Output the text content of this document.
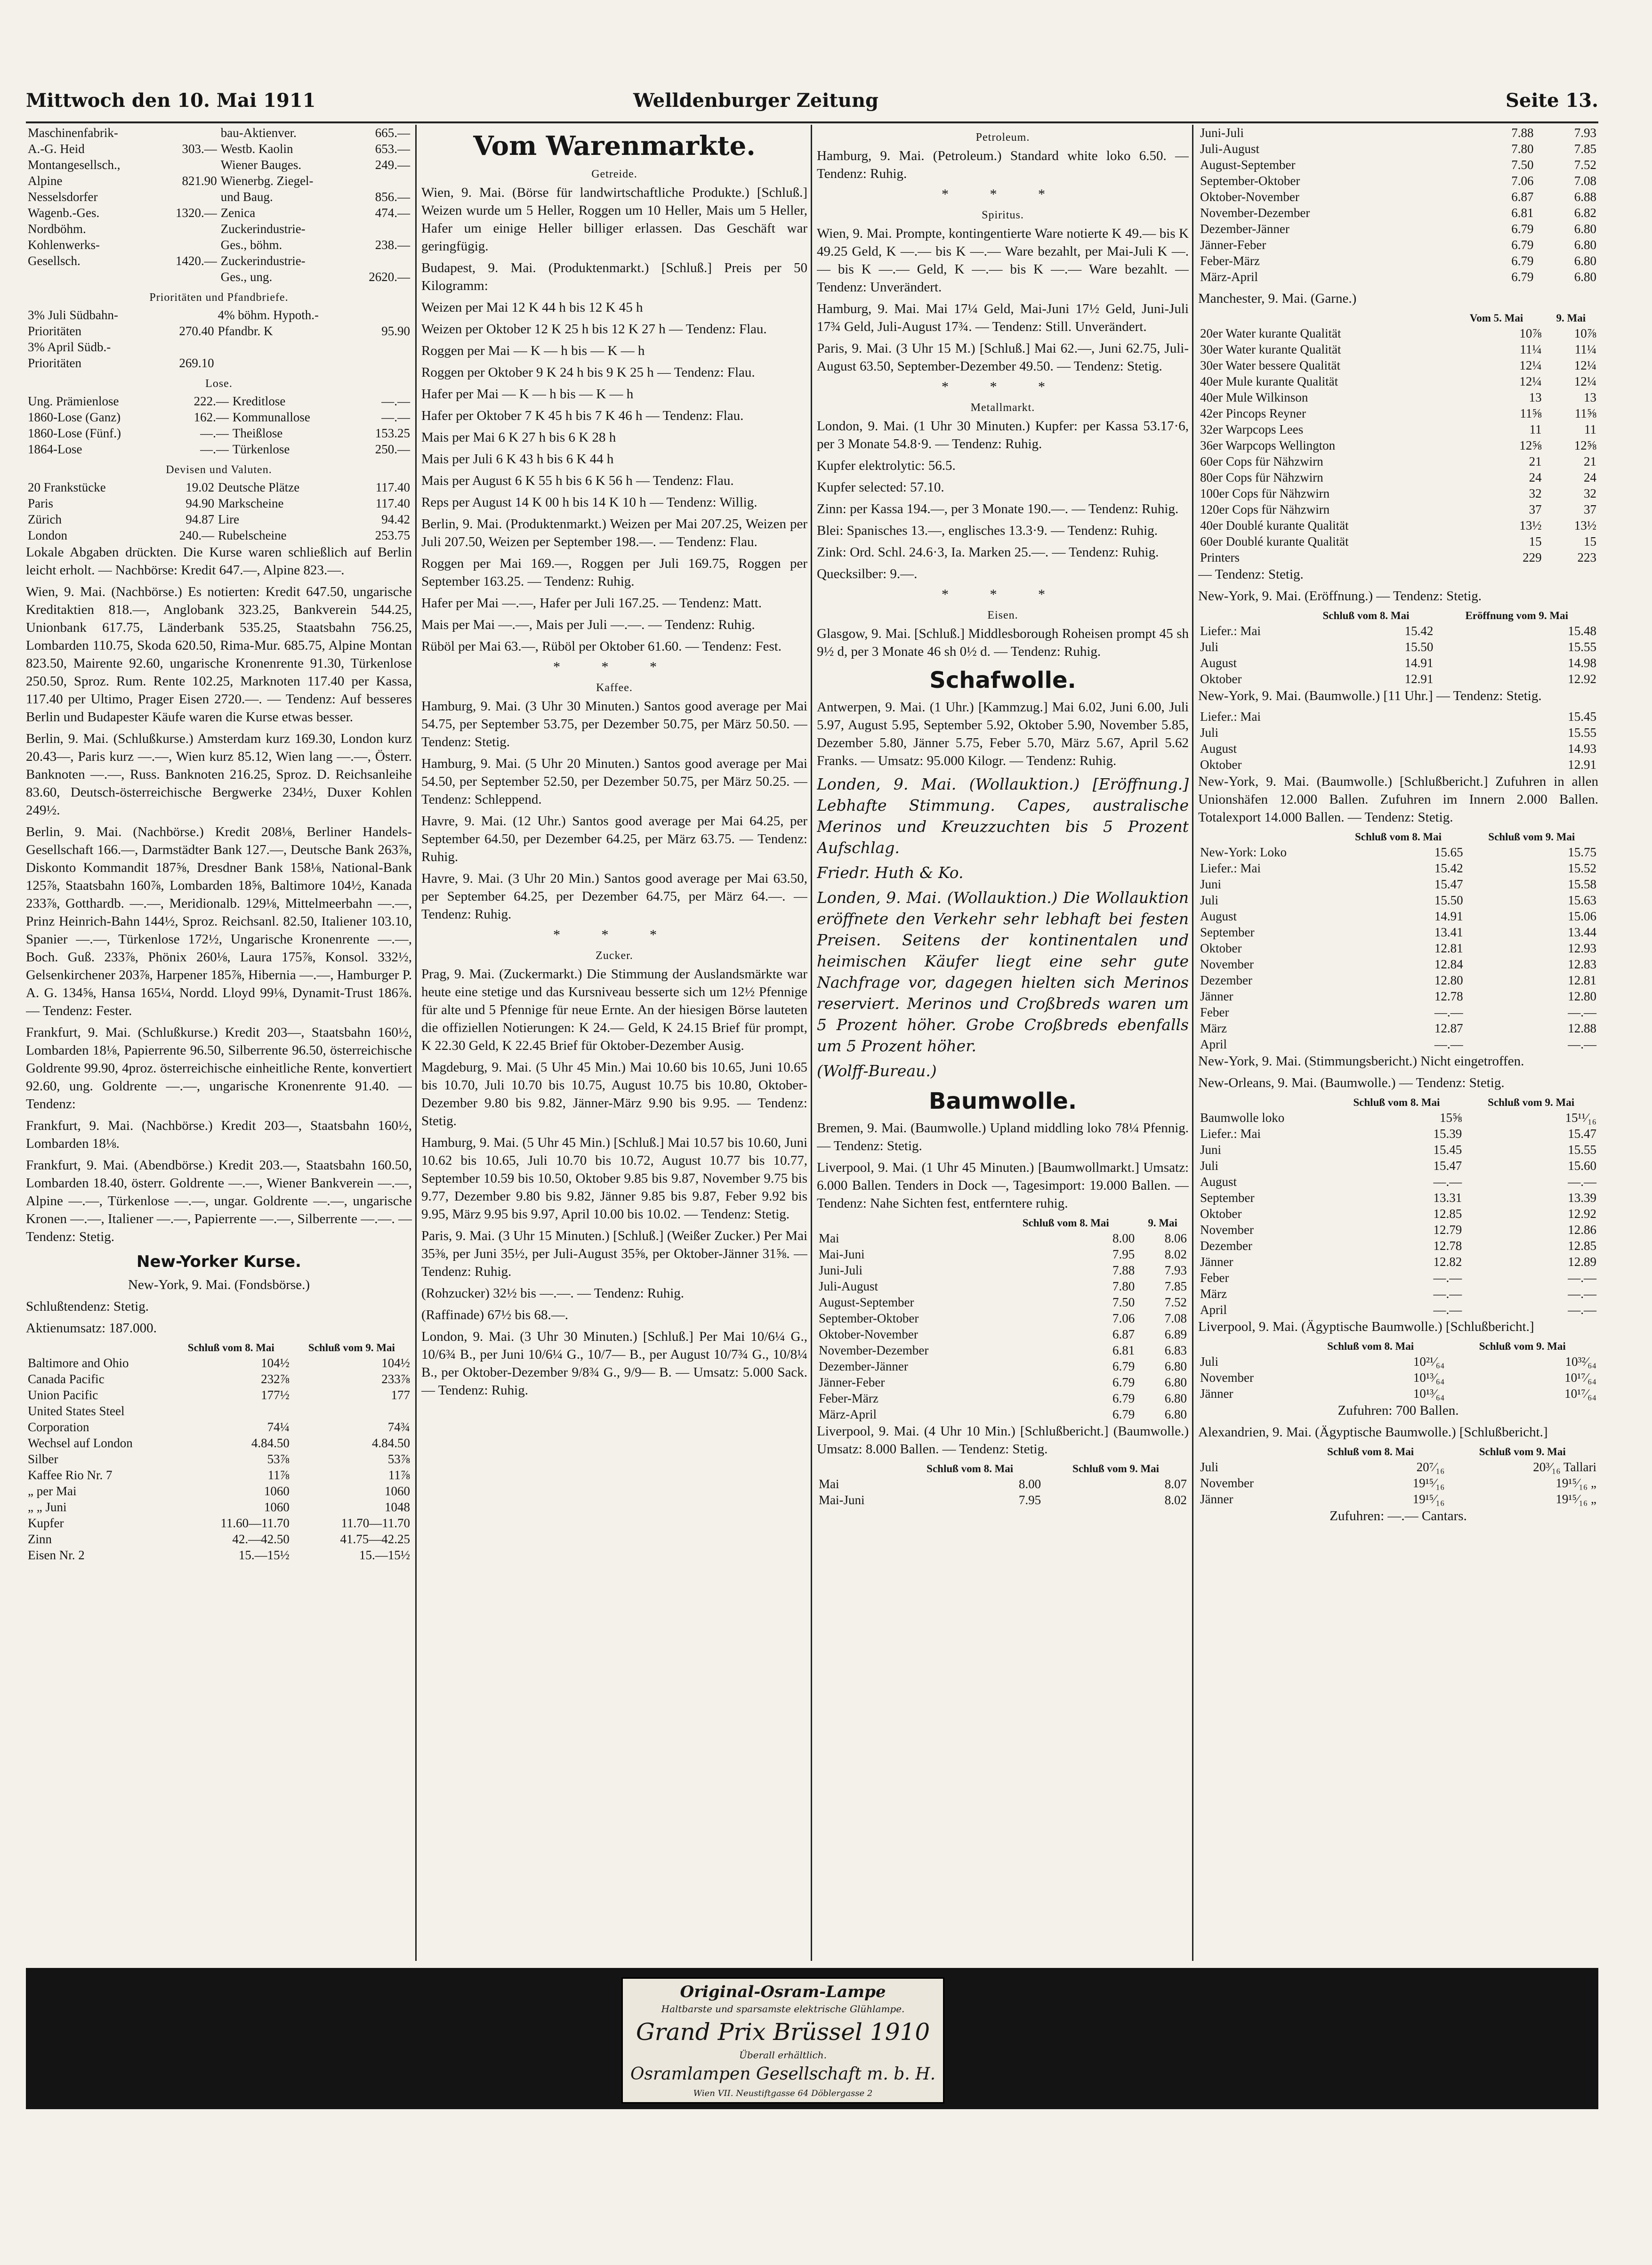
Mittwoch den 10. Mai 1911	Welldenburger Zeitung	Seite 13.
Maschinenfabrik-		bau-Aktienver.	665.—
A.-G. Heid	303.—	Westb. Kaolin	653.—
Montangesellsch.,		Wiener Bauges.	249.—
Alpine	821.90	Wienerbg. Ziegel-	
Nesselsdorfer		und Baug.	856.—
Wagenb.-Ges.	1320.—	Zenica	474.—
Nordböhm.		Zuckerindustrie-	
Kohlenwerks-		Ges., böhm.	238.—
Gesellsch.	1420.—	Zuckerindustrie-	
		Ges., ung.	2620.—
Prioritäten und Pfandbriefe.
3% Juli Südbahn-		4% böhm. Hypoth.-	
Prioritäten	270.40	Pfandbr. K	95.90
3% April Südb.-			
Prioritäten	269.10		
Lose.
Ung. Prämienlose	222.—	Kreditlose	—.—
1860-Lose (Ganz)	162.—	Kommunallose	—.—
1860-Lose (Fünf.)	—.—	Theißlose	153.25
1864-Lose	—.—	Türkenlose	250.—
Devisen und Valuten.
20 Frankstücke	19.02	Deutsche Plätze	117.40
Paris	94.90	Markscheine	117.40
Zürich	94.87	Lire	94.42
London	240.—	Rubelscheine	253.75
Lokale Abgaben drückten. Die Kurse waren schließlich auf Berlin leicht erholt. — Nachbörse: Kredit 647.—, Alpine 823.—.
Wien, 9. Mai. (Nachbörse.) Es notierten: Kredit 647.50, ungarische Kreditaktien 818.—, Anglobank 323.25, Bankverein 544.25, Unionbank 617.75, Länderbank 535.25, Staatsbahn 756.25, Lombarden 110.75, Skoda 620.50, Rima-Mur. 685.75, Alpine Montan 823.50, Mairente 92.60, ungarische Kronenrente 91.30, Türkenlose 250.50, Sproz. Rum. Rente 102.25, Marknoten 117.40 per Kassa, 117.40 per Ultimo, Prager Eisen 2720.—. — Tendenz: Auf besseres Berlin und Budapester Käufe waren die Kurse etwas besser.
Berlin, 9. Mai. (Schlußkurse.) Amsterdam kurz 169.30, London kurz 20.43—, Paris kurz —.—, Wien kurz 85.12, Wien lang —.—, Österr. Banknoten —.—, Russ. Banknoten 216.25, Sproz. D. Reichsanleihe 83.60, Deutsch-österreichische Bergwerke 234½, Duxer Kohlen 249½.
Berlin, 9. Mai. (Nachbörse.) Kredit 208⅛, Berliner Handels-Gesellschaft 166.—, Darmstädter Bank 127.—, Deutsche Bank 263⅞, Diskonto Kommandit 187⅝, Dresdner Bank 158⅛, National-Bank 125⅞, Staatsbahn 160⅞, Lombarden 18⅝, Baltimore 104½, Kanada 233⅞, Gotthardb. —.—, Meridionalb. 129⅛, Mittelmeerbahn —.—, Prinz Heinrich-Bahn 144½, Sproz. Reichsanl. 82.50, Italiener 103.10, Spanier —.—, Türkenlose 172½, Ungarische Kronenrente —.—, Boch. Guß. 233⅞, Phönix 260⅛, Laura 175⅞, Konsol. 332½, Gelsenkirchener 203⅞, Harpener 185⅞, Hibernia —.—, Hamburger P. A. G. 134⅝, Hansa 165¼, Nordd. Lloyd 99⅛, Dynamit-Trust 186⅞. — Tendenz: Fester.
Frankfurt, 9. Mai. (Schlußkurse.) Kredit 203—, Staatsbahn 160½, Lombarden 18⅛, Papierrente 96.50, Silberrente 96.50, österreichische Goldrente 99.90, 4proz. österreichische einheitliche Rente, konvertiert 92.60, ung. Goldrente —.—, ungarische Kronenrente 91.40. — Tendenz:
Frankfurt, 9. Mai. (Nachbörse.) Kredit 203—, Staatsbahn 160½, Lombarden 18⅛.
Frankfurt, 9. Mai. (Abendbörse.) Kredit 203.—, Staatsbahn 160.50, Lombarden 18.40, österr. Goldrente —.—, Wiener Bankverein —.—, Alpine —.—, Türkenlose —.—, ungar. Goldrente —.—, ungarische Kronen —.—, Italiener —.—, Papierrente —.—, Silberrente —.—. — Tendenz: Stetig.
New-Yorker Kurse.
New-York, 9. Mai. (Fondsbörse.)
Schlußtendenz: Stetig.
Aktienumsatz: 187.000.
	Schluß vom 8. Mai	Schluß vom 9. Mai
Baltimore and Ohio	104½	104½
Canada Pacific	232⅞	233⅞
Union Pacific	177½	177
United States Steel		
Corporation	74¼	74¾
Wechsel auf London	4.84.50	4.84.50
Silber	53⅞	53⅞
Kaffee Rio Nr. 7	11⅞	11⅞
„ per Mai	1060	1060
„ „ Juni	1060	1048
Kupfer	11.60—11.70	11.70—11.70
Zinn	42.—42.50	41.75—42.25
Eisen Nr. 2	15.—15½	15.—15½
Vom Warenmarkte.
Getreide.
Wien, 9. Mai. (Börse für landwirtschaftliche Produkte.) [Schluß.] Weizen wurde um 5 Heller, Roggen um 10 Heller, Mais um 5 Heller, Hafer um einige Heller billiger erlassen. Das Geschäft war geringfügig.
Budapest, 9. Mai. (Produktenmarkt.) [Schluß.] Preis per 50 Kilogramm:
Weizen per Mai 12 K 44 h bis 12 K 45 h
Weizen per Oktober 12 K 25 h bis 12 K 27 h — Tendenz: Flau.
Roggen per Mai — K — h bis — K — h
Roggen per Oktober 9 K 24 h bis 9 K 25 h — Tendenz: Flau.
Hafer per Mai — K — h bis — K — h
Hafer per Oktober 7 K 45 h bis 7 K 46 h — Tendenz: Flau.
Mais per Mai 6 K 27 h bis 6 K 28 h
Mais per Juli 6 K 43 h bis 6 K 44 h
Mais per August 6 K 55 h bis 6 K 56 h — Tendenz: Flau.
Reps per August 14 K 00 h bis 14 K 10 h — Tendenz: Willig.
Berlin, 9. Mai. (Produktenmarkt.) Weizen per Mai 207.25, Weizen per Juli 207.50, Weizen per September 198.—. — Tendenz: Flau.
Roggen per Mai 169.—, Roggen per Juli 169.75, Roggen per September 163.25. — Tendenz: Ruhig.
Hafer per Mai —.—, Hafer per Juli 167.25. — Tendenz: Matt.
Mais per Mai —.—, Mais per Juli —.—. — Tendenz: Ruhig.
Rüböl per Mai 63.—, Rüböl per Oktober 61.60. — Tendenz: Fest.
* * *
Kaffee.
Hamburg, 9. Mai. (3 Uhr 30 Minuten.) Santos good average per Mai 54.75, per September 53.75, per Dezember 50.75, per März 50.50. — Tendenz: Stetig.
Hamburg, 9. Mai. (5 Uhr 20 Minuten.) Santos good average per Mai 54.50, per September 52.50, per Dezember 50.75, per März 50.25. — Tendenz: Schleppend.
Havre, 9. Mai. (12 Uhr.) Santos good average per Mai 64.25, per September 64.50, per Dezember 64.25, per März 63.75. — Tendenz: Ruhig.
Havre, 9. Mai. (3 Uhr 20 Min.) Santos good average per Mai 63.50, per September 64.25, per Dezember 64.75, per März 64.—. — Tendenz: Ruhig.
* * *
Zucker.
Prag, 9. Mai. (Zuckermarkt.) Die Stimmung der Auslandsmärkte war heute eine stetige und das Kursniveau besserte sich um 12½ Pfennige für alte und 5 Pfennige für neue Ernte. An der hiesigen Börse lauteten die offiziellen Notierungen: K 24.— Geld, K 24.15 Brief für prompt, K 22.30 Geld, K 22.45 Brief für Oktober-Dezember Ausig.
Magdeburg, 9. Mai. (5 Uhr 45 Min.) Mai 10.60 bis 10.65, Juni 10.65 bis 10.70, Juli 10.70 bis 10.75, August 10.75 bis 10.80, Oktober-Dezember 9.80 bis 9.82, Jänner-März 9.90 bis 9.95. — Tendenz: Stetig.
Hamburg, 9. Mai. (5 Uhr 45 Min.) [Schluß.] Mai 10.57 bis 10.60, Juni 10.62 bis 10.65, Juli 10.70 bis 10.72, August 10.77 bis 10.77, September 10.59 bis 10.50, Oktober 9.85 bis 9.87, November 9.75 bis 9.77, Dezember 9.80 bis 9.82, Jänner 9.85 bis 9.87, Feber 9.92 bis 9.95, März 9.95 bis 9.97, April 10.00 bis 10.02. — Tendenz: Stetig.
Paris, 9. Mai. (3 Uhr 15 Minuten.) [Schluß.] (Weißer Zucker.) Per Mai 35⅜, per Juni 35½, per Juli-August 35⅝, per Oktober-Jänner 31⅝. — Tendenz: Ruhig.
(Rohzucker) 32½ bis —.—. — Tendenz: Ruhig.
(Raffinade) 67½ bis 68.—.
London, 9. Mai. (3 Uhr 30 Minuten.) [Schluß.] Per Mai 10/6¼ G., 10/6¾ B., per Juni 10/6¼ G., 10/7— B., per August 10/7¾ G., 10/8¼ B., per Oktober-Dezember 9/8¾ G., 9/9— B. — Umsatz: 5.000 Sack. — Tendenz: Ruhig.
Petroleum.
Hamburg, 9. Mai. (Petroleum.) Standard white loko 6.50. — Tendenz: Ruhig.
* * *
Spiritus.
Wien, 9. Mai. Prompte, kontingentierte Ware notierte K 49.— bis K 49.25 Geld, K —.— bis K —.— Ware bezahlt, per Mai-Juli K —.— bis K —.— Geld, K —.— bis K —.— Ware bezahlt. — Tendenz: Unverändert.
Hamburg, 9. Mai. Mai 17¼ Geld, Mai-Juni 17½ Geld, Juni-Juli 17¾ Geld, Juli-August 17¾. — Tendenz: Still. Unverändert.
Paris, 9. Mai. (3 Uhr 15 M.) [Schluß.] Mai 62.—, Juni 62.75, Juli-August 63.50, September-Dezember 49.50. — Tendenz: Stetig.
* * *
Metallmarkt.
London, 9. Mai. (1 Uhr 30 Minuten.) Kupfer: per Kassa 53.17·6, per 3 Monate 54.8·9. — Tendenz: Ruhig.
Kupfer elektrolytic: 56.5.
Kupfer selected: 57.10.
Zinn: per Kassa 194.—, per 3 Monate 190.—. — Tendenz: Ruhig.
Blei: Spanisches 13.—, englisches 13.3·9. — Tendenz: Ruhig.
Zink: Ord. Schl. 24.6·3, Ia. Marken 25.—. — Tendenz: Ruhig.
Quecksilber: 9.—.
* * *
Eisen.
Glasgow, 9. Mai. [Schluß.] Middlesborough Roheisen prompt 45 sh 9½ d, per 3 Monate 46 sh 0½ d. — Tendenz: Ruhig.
Schafwolle.
Antwerpen, 9. Mai. (1 Uhr.) [Kammzug.] Mai 6.02, Juni 6.00, Juli 5.97, August 5.95, September 5.92, Oktober 5.90, November 5.85, Dezember 5.80, Jänner 5.75, Feber 5.70, März 5.67, April 5.62 Franks. — Umsatz: 95.000 Kilogr. — Tendenz: Ruhig.
Londen, 9. Mai. (Wollauktion.) [Eröffnung.] Lebhafte Stimmung. Capes, australische Merinos und Kreuzzuchten bis 5 Prozent Aufschlag.
Friedr. Huth & Ko.
Londen, 9. Mai. (Wollauktion.) Die Wollauktion eröffnete den Verkehr sehr lebhaft bei festen Preisen. Seitens der kontinentalen und heimischen Käufer liegt eine sehr gute Nachfrage vor, dagegen hielten sich Merinos reserviert. Merinos und Croßbreds waren um 5 Prozent höher. Grobe Croßbreds ebenfalls um 5 Prozent höher.
(Wolff-Bureau.)
Baumwolle.
Bremen, 9. Mai. (Baumwolle.) Upland middling loko 78¼ Pfennig. — Tendenz: Stetig.
Liverpool, 9. Mai. (1 Uhr 45 Minuten.) [Baumwollmarkt.] Umsatz: 6.000 Ballen. Tenders in Dock —, Tagesimport: 19.000 Ballen. — Tendenz: Nahe Sichten fest, entferntere ruhig.
	Schluß vom 8. Mai	9. Mai
Mai	8.00	8.06
Mai-Juni	7.95	8.02
Juni-Juli	7.88	7.93
Juli-August	7.80	7.85
August-September	7.50	7.52
September-Oktober	7.06	7.08
Oktober-November	6.87	6.89
November-Dezember	6.81	6.83
Dezember-Jänner	6.79	6.80
Jänner-Feber	6.79	6.80
Feber-März	6.79	6.80
März-April	6.79	6.80
Liverpool, 9. Mai. (4 Uhr 10 Min.) [Schlußbericht.] (Baumwolle.) Umsatz: 8.000 Ballen. — Tendenz: Stetig.
	Schluß vom 8. Mai	Schluß vom 9. Mai
Mai	8.00	8.07
Mai-Juni	7.95	8.02
Juni-Juli	7.88	7.93
Juli-August	7.80	7.85
August-September	7.50	7.52
September-Oktober	7.06	7.08
Oktober-November	6.87	6.88
November-Dezember	6.81	6.82
Dezember-Jänner	6.79	6.80
Jänner-Feber	6.79	6.80
Feber-März	6.79	6.80
März-April	6.79	6.80
Manchester, 9. Mai. (Garne.)
	Vom 5. Mai	9. Mai
20er Water kurante Qualität	10⅞	10⅞
30er Water kurante Qualität	11¼	11¼
30er Water bessere Qualität	12¼	12¼
40er Mule kurante Qualität	12¼	12¼
40er Mule Wilkinson	13	13
42er Pincops Reyner	11⅝	11⅝
32er Warpcops Lees	11	11
36er Warpcops Wellington	12⅝	12⅝
60er Cops für Nähzwirn	21	21
80er Cops für Nähzwirn	24	24
100er Cops für Nähzwirn	32	32
120er Cops für Nähzwirn	37	37
40er Doublé kurante Qualität	13½	13½
60er Doublé kurante Qualität	15	15
Printers	229	223
— Tendenz: Stetig.
New-York, 9. Mai. (Eröffnung.) — Tendenz: Stetig.
	Schluß vom 8. Mai	Eröffnung vom 9. Mai
Liefer.: Mai	15.42	15.48
Juli	15.50	15.55
August	14.91	14.98
Oktober	12.91	12.92
New-York, 9. Mai. (Baumwolle.) [11 Uhr.] — Tendenz: Stetig.
Liefer.: Mai		15.45
Juli		15.55
August		14.93
Oktober		12.91
New-York, 9. Mai. (Baumwolle.) [Schlußbericht.] Zufuhren in allen Unionshäfen 12.000 Ballen. Zufuhren im Innern 2.000 Ballen. Totalexport 14.000 Ballen. — Tendenz: Stetig.
	Schluß vom 8. Mai	Schluß vom 9. Mai
New-York: Loko	15.65	15.75
Liefer.: Mai	15.42	15.52
Juni	15.47	15.58
Juli	15.50	15.63
August	14.91	15.06
September	13.41	13.44
Oktober	12.81	12.93
November	12.84	12.83
Dezember	12.80	12.81
Jänner	12.78	12.80
Feber	—.—	—.—
März	12.87	12.88
April	—.—	—.—
New-York, 9. Mai. (Stimmungsbericht.) Nicht eingetroffen.
New-Orleans, 9. Mai. (Baumwolle.) — Tendenz: Stetig.
	Schluß vom 8. Mai	Schluß vom 9. Mai
Baumwolle loko	15⅝	15¹¹⁄₁₆
Liefer.: Mai	15.39	15.47
Juni	15.45	15.55
Juli	15.47	15.60
August	—.—	—.—
September	13.31	13.39
Oktober	12.85	12.92
November	12.79	12.86
Dezember	12.78	12.85
Jänner	12.82	12.89
Feber	—.—	—.—
März	—.—	—.—
April	—.—	—.—
Liverpool, 9. Mai. (Ägyptische Baumwolle.) [Schlußbericht.]
	Schluß vom 8. Mai	Schluß vom 9. Mai
Juli	10²¹⁄₆₄	10³²⁄₆₄
November	10¹³⁄₆₄	10¹⁷⁄₆₄
Jänner	10¹³⁄₆₄	10¹⁷⁄₆₄
Zufuhren: 700 Ballen.
Alexandrien, 9. Mai. (Ägyptische Baumwolle.) [Schlußbericht.]
	Schluß vom 8. Mai	Schluß vom 9. Mai
Juli	20⁷⁄₁₆	20³⁄₁₆ Tallari
November	19¹⁵⁄₁₆	19¹⁵⁄₁₆ „
Jänner	19¹⁵⁄₁₆	19¹⁵⁄₁₆ „
Zufuhren: —.— Cantars.
Original-Osram-Lampe
Haltbarste und sparsamste elektrische Glühlampe.
Grand Prix Brüssel 1910
Überall erhältlich.
Osramlampen Gesellschaft m. b. H.
Wien VII. Neustiftgasse 64 Döblergasse 2
